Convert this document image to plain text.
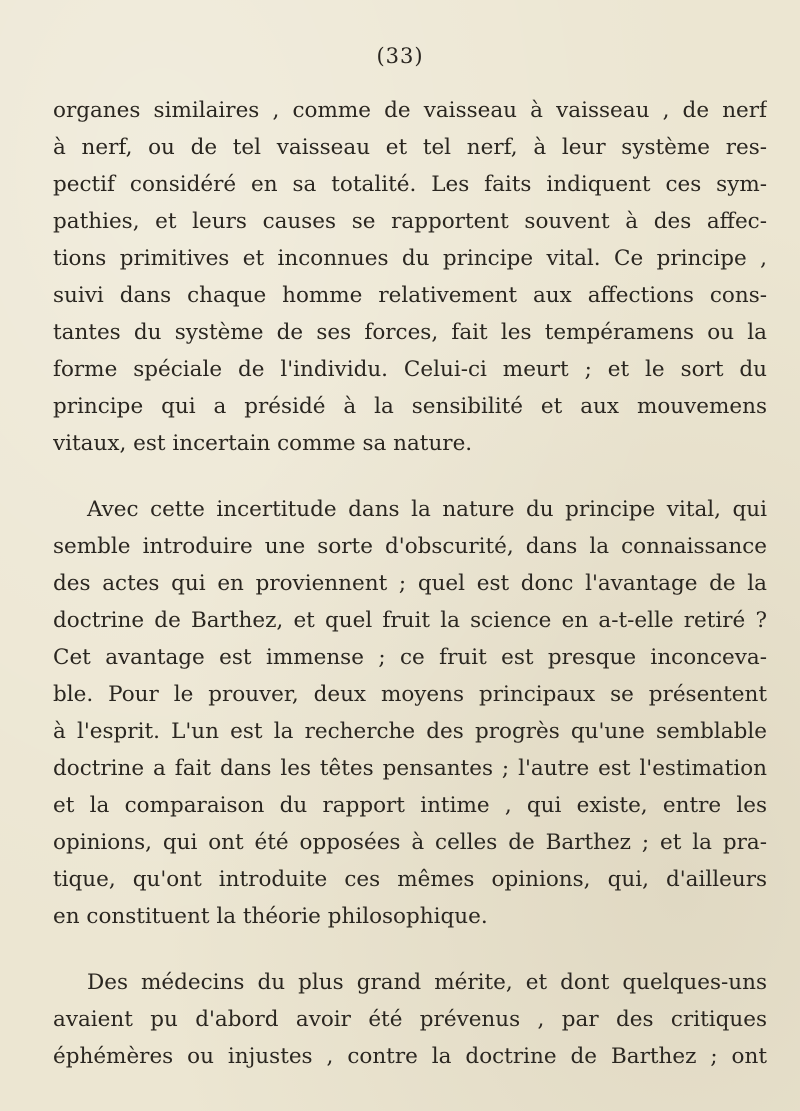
(33)
organes similaires , comme de vaisseau à vaisseau , de nerf
à nerf, ou de tel vaisseau et tel nerf, à leur système res-
pectif considéré en sa totalité. Les faits indiquent ces sym-
pathies, et leurs causes se rapportent souvent à des affec-
tions primitives et inconnues du principe vital. Ce principe ,
suivi dans chaque homme relativement aux affections cons-
tantes du système de ses forces, fait les tempéramens ou la
forme spéciale de l'individu. Celui-ci meurt ; et le sort du
principe qui a présidé à la sensibilité et aux mouvemens
vitaux, est incertain comme sa nature.
Avec cette incertitude dans la nature du principe vital, qui
semble introduire une sorte d'obscurité, dans la connaissance
des actes qui en proviennent ; quel est donc l'avantage de la
doctrine de Barthez, et quel fruit la science en a-t-elle retiré ?
Cet avantage est immense ; ce fruit est presque inconceva-
ble. Pour le prouver, deux moyens principaux se présentent
à l'esprit. L'un est la recherche des progrès qu'une semblable
doctrine a fait dans les têtes pensantes ; l'autre est l'estimation
et la comparaison du rapport intime , qui existe, entre les
opinions, qui ont été opposées à celles de Barthez ; et la pra-
tique, qu'ont introduite ces mêmes opinions, qui, d'ailleurs
en constituent la théorie philosophique.
Des médecins du plus grand mérite, et dont quelques-uns
avaient pu d'abord avoir été prévenus , par des critiques
éphémères ou injustes , contre la doctrine de Barthez ; ont
